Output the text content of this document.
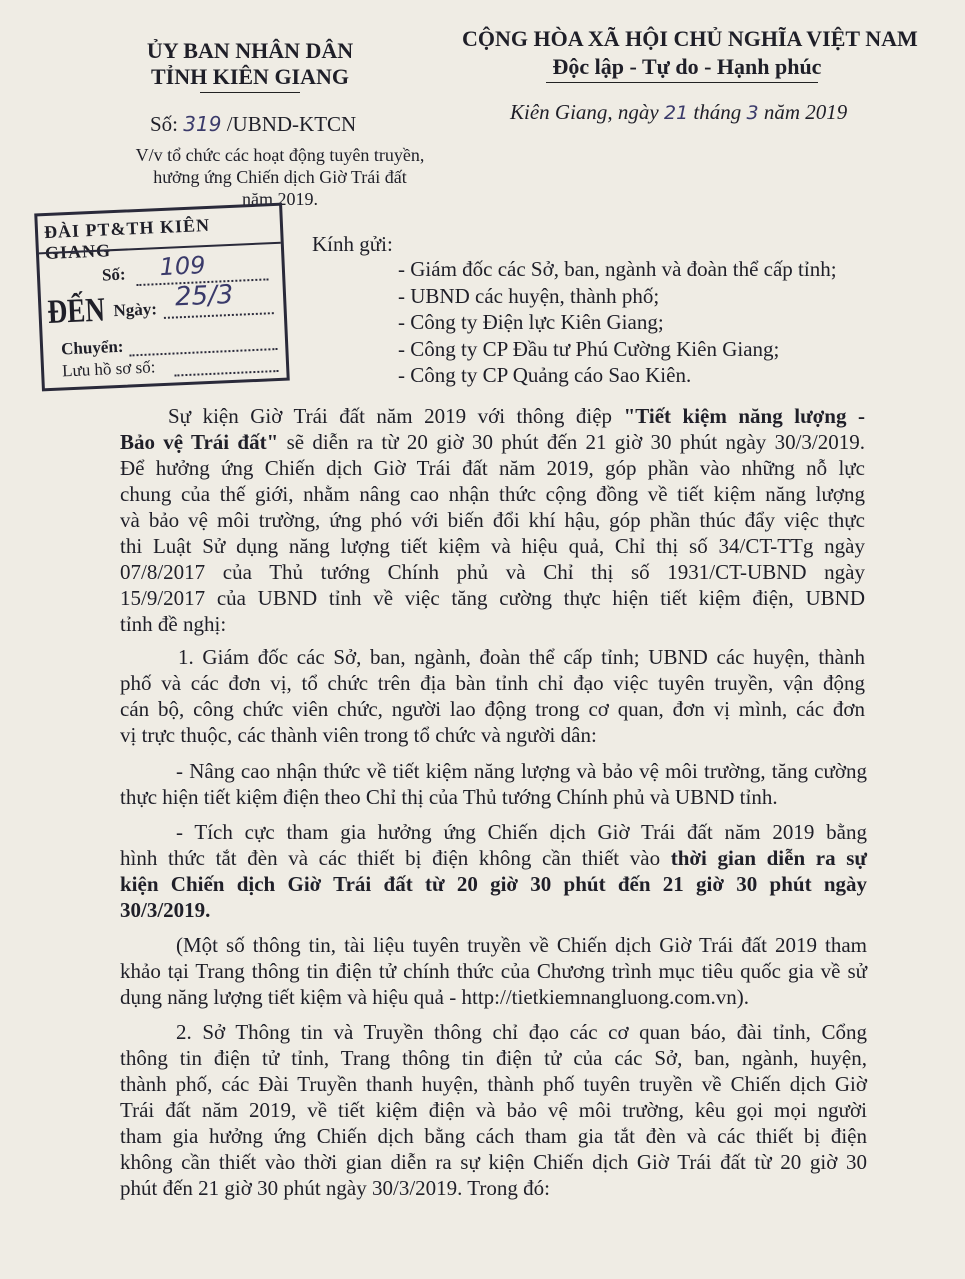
ỦY BAN NHÂN DÂN
TỈNH KIÊN GIANG
CỘNG HÒA XÃ HỘI CHỦ NGHĨA VIỆT NAM
Độc lập - Tự do - Hạnh phúc
Số: 319 /UBND-KTCN
V/v tổ chức các hoạt động tuyên truyền,
hưởng ứng Chiến dịch Giờ Trái đất
năm 2019.
Kiên Giang, ngày 21 tháng 3 năm 2019
ĐÀI PT&TH KIÊN GIANG
ĐẾN
Số: 109
Ngày: 25/3
Chuyển:
Lưu hồ sơ số:
Kính gửi:
- Giám đốc các Sở, ban, ngành và đoàn thể cấp tỉnh;
- UBND các huyện, thành phố;
- Công ty Điện lực Kiên Giang;
- Công ty CP Đầu tư Phú Cường Kiên Giang;
- Công ty CP Quảng cáo Sao Kiên.
Sự kiện Giờ Trái đất năm 2019 với thông điệp "Tiết kiệm năng lượng -
Bảo vệ Trái đất" sẽ diễn ra từ 20 giờ 30 phút đến 21 giờ 30 phút ngày 30/3/2019.
Để hưởng ứng Chiến dịch Giờ Trái đất năm 2019, góp phần vào những nỗ lực
chung của thế giới, nhằm nâng cao nhận thức cộng đồng về tiết kiệm năng lượng
và bảo vệ môi trường, ứng phó với biến đổi khí hậu, góp phần thúc đẩy việc thực
thi Luật Sử dụng năng lượng tiết kiệm và hiệu quả, Chỉ thị số 34/CT-TTg ngày
07/8/2017 của Thủ tướng Chính phủ và Chỉ thị số 1931/CT-UBND ngày
15/9/2017 của UBND tỉnh về việc tăng cường thực hiện tiết kiệm điện, UBND
tỉnh đề nghị:
1. Giám đốc các Sở, ban, ngành, đoàn thể cấp tỉnh; UBND các huyện, thành
phố và các đơn vị, tổ chức trên địa bàn tỉnh chỉ đạo việc tuyên truyền, vận động
cán bộ, công chức viên chức, người lao động trong cơ quan, đơn vị mình, các đơn
vị trực thuộc, các thành viên trong tổ chức và người dân:
- Nâng cao nhận thức về tiết kiệm năng lượng và bảo vệ môi trường, tăng cường
thực hiện tiết kiệm điện theo Chỉ thị của Thủ tướng Chính phủ và UBND tỉnh.
- Tích cực tham gia hưởng ứng Chiến dịch Giờ Trái đất năm 2019 bằng
hình thức tắt đèn và các thiết bị điện không cần thiết vào thời gian diễn ra sự
kiện Chiến dịch Giờ Trái đất từ 20 giờ 30 phút đến 21 giờ 30 phút ngày
30/3/2019.
(Một số thông tin, tài liệu tuyên truyền về Chiến dịch Giờ Trái đất 2019 tham
khảo tại Trang thông tin điện tử chính thức của Chương trình mục tiêu quốc gia về sử
dụng năng lượng tiết kiệm và hiệu quả - http://tietkiemnangluong.com.vn).
2. Sở Thông tin và Truyền thông chỉ đạo các cơ quan báo, đài tỉnh, Cổng
thông tin điện tử tỉnh, Trang thông tin điện tử của các Sở, ban, ngành, huyện,
thành phố, các Đài Truyền thanh huyện, thành phố tuyên truyền về Chiến dịch Giờ
Trái đất năm 2019, về tiết kiệm điện và bảo vệ môi trường, kêu gọi mọi người
tham gia hưởng ứng Chiến dịch bằng cách tham gia tắt đèn và các thiết bị điện
không cần thiết vào thời gian diễn ra sự kiện Chiến dịch Giờ Trái đất từ 20 giờ 30
phút đến 21 giờ 30 phút ngày 30/3/2019. Trong đó:
